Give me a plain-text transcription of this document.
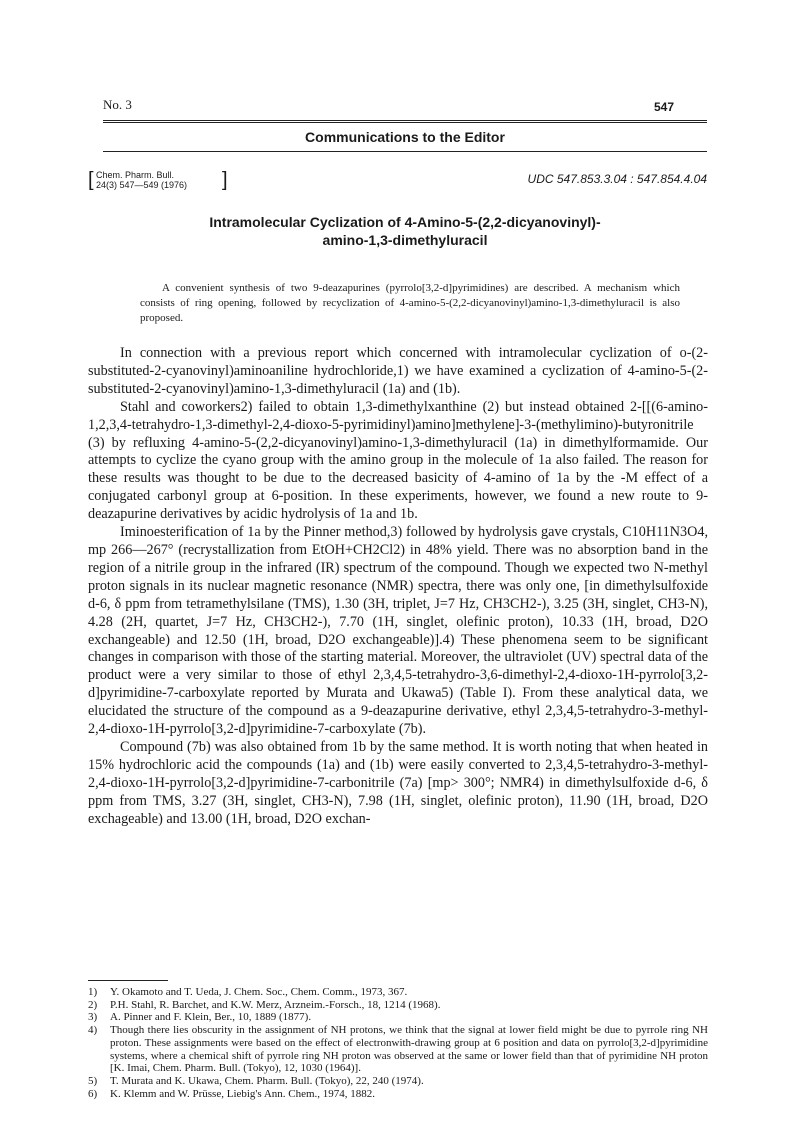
No. 3	547
Communications to the Editor
[ Chem. Pharm. Bull.
24(3) 547—549 (1976) ]	UDC 547.853.3.04 : 547.854.4.04
Intramolecular Cyclization of 4-Amino-5-(2,2-dicyanovinyl)-
amino-1,3-dimethyluracil
A convenient synthesis of two 9-deazapurines (pyrrolo[3,2-d]pyrimidines) are described. A mechanism which consists of ring opening, followed by recyclization of 4-amino-5-(2,2-dicyanovinyl)amino-1,3-dimethyluracil is also proposed.

In connection with a previous report which concerned with intramolecular cyclization of o-(2-substituted-2-cyanovinyl)aminoaniline hydrochloride,1) we have examined a cyclization of 4-amino-5-(2-substituted-2-cyanovinyl)amino-1,3-dimethyluracil (1a) and (1b).

Stahl and coworkers2) failed to obtain 1,3-dimethylxanthine (2) but instead obtained 2-[[(6-amino-1,2,3,4-tetrahydro-1,3-dimethyl-2,4-dioxo-5-pyrimidinyl)amino]methylene]-3-(methylimino)-butyronitrile (3) by refluxing 4-amino-5-(2,2-dicyanovinyl)amino-1,3-dimethyluracil (1a) in dimethylformamide. Our attempts to cyclize the cyano group with the amino group in the molecule of 1a also failed. The reason for these results was thought to be due to the decreased basicity of 4-amino of 1a by the -M effect of a conjugated carbonyl group at 6-position. In these experiments, however, we found a new route to 9-deazapurine derivatives by acidic hydrolysis of 1a and 1b.

Iminoesterification of 1a by the Pinner method,3) followed by hydrolysis gave crystals, C10H11N3O4, mp 266—267° (recrystallization from EtOH+CH2Cl2) in 48% yield. There was no absorption band in the region of a nitrile group in the infrared (IR) spectrum of the compound. Though we expected two N-methyl proton signals in its nuclear magnetic resonance (NMR) spectra, there was only one, [in dimethylsulfoxide d-6, δ ppm from tetramethylsilane (TMS), 1.30 (3H, triplet, J=7 Hz, CH3CH2-), 3.25 (3H, singlet, CH3-N), 4.28 (2H, quartet, J=7 Hz, CH3CH2-), 7.70 (1H, singlet, olefinic proton), 10.33 (1H, broad, D2O exchangeable) and 12.50 (1H, broad, D2O exchangeable)].4) These phenomena seem to be significant changes in comparison with those of the starting material. Moreover, the ultraviolet (UV) spectral data of the product were a very similar to those of ethyl 2,3,4,5-tetrahydro-3,6-dimethyl-2,4-dioxo-1H-pyrrolo[3,2-d]pyrimidine-7-carboxylate reported by Murata and Ukawa5) (Table I). From these analytical data, we elucidated the structure of the compound as a 9-deazapurine derivative, ethyl 2,3,4,5-tetrahydro-3-methyl-2,4-dioxo-1H-pyrrolo[3,2-d]pyrimidine-7-carboxylate (7b).

Compound (7b) was also obtained from 1b by the same method. It is worth noting that when heated in 15% hydrochloric acid the compounds (1a) and (1b) were easily converted to 2,3,4,5-tetrahydro-3-methyl-2,4-dioxo-1H-pyrrolo[3,2-d]pyrimidine-7-carbonitrile (7a) [mp> 300°; NMR4) in dimethylsulfoxide d-6, δ ppm from TMS, 3.27 (3H, singlet, CH3-N), 7.98 (1H, singlet, olefinic proton), 11.90 (1H, broad, D2O exchageable) and 13.00 (1H, broad, D2O exchan-

1)	Y. Okamoto and T. Ueda, J. Chem. Soc., Chem. Comm., 1973, 367.
2)	P.H. Stahl, R. Barchet, and K.W. Merz, Arzneim.-Forsch., 18, 1214 (1968).
3)	A. Pinner and F. Klein, Ber., 10, 1889 (1877).
4)	Though there lies obscurity in the assignment of NH protons, we think that the signal at lower field might be due to pyrrole ring NH proton. These assignments were based on the effect of electronwith-drawing group at 6 position and data on pyrrolo[3,2-d]pyrimidine systems, where a chemical shift of pyrrole ring NH proton was observed at the same or lower field than that of pyrimidine NH proton [K. Imai, Chem. Pharm. Bull. (Tokyo), 12, 1030 (1964)].
5)	T. Murata and K. Ukawa, Chem. Pharm. Bull. (Tokyo), 22, 240 (1974).
6)	K. Klemm and W. Prüsse, Liebig's Ann. Chem., 1974, 1882.
